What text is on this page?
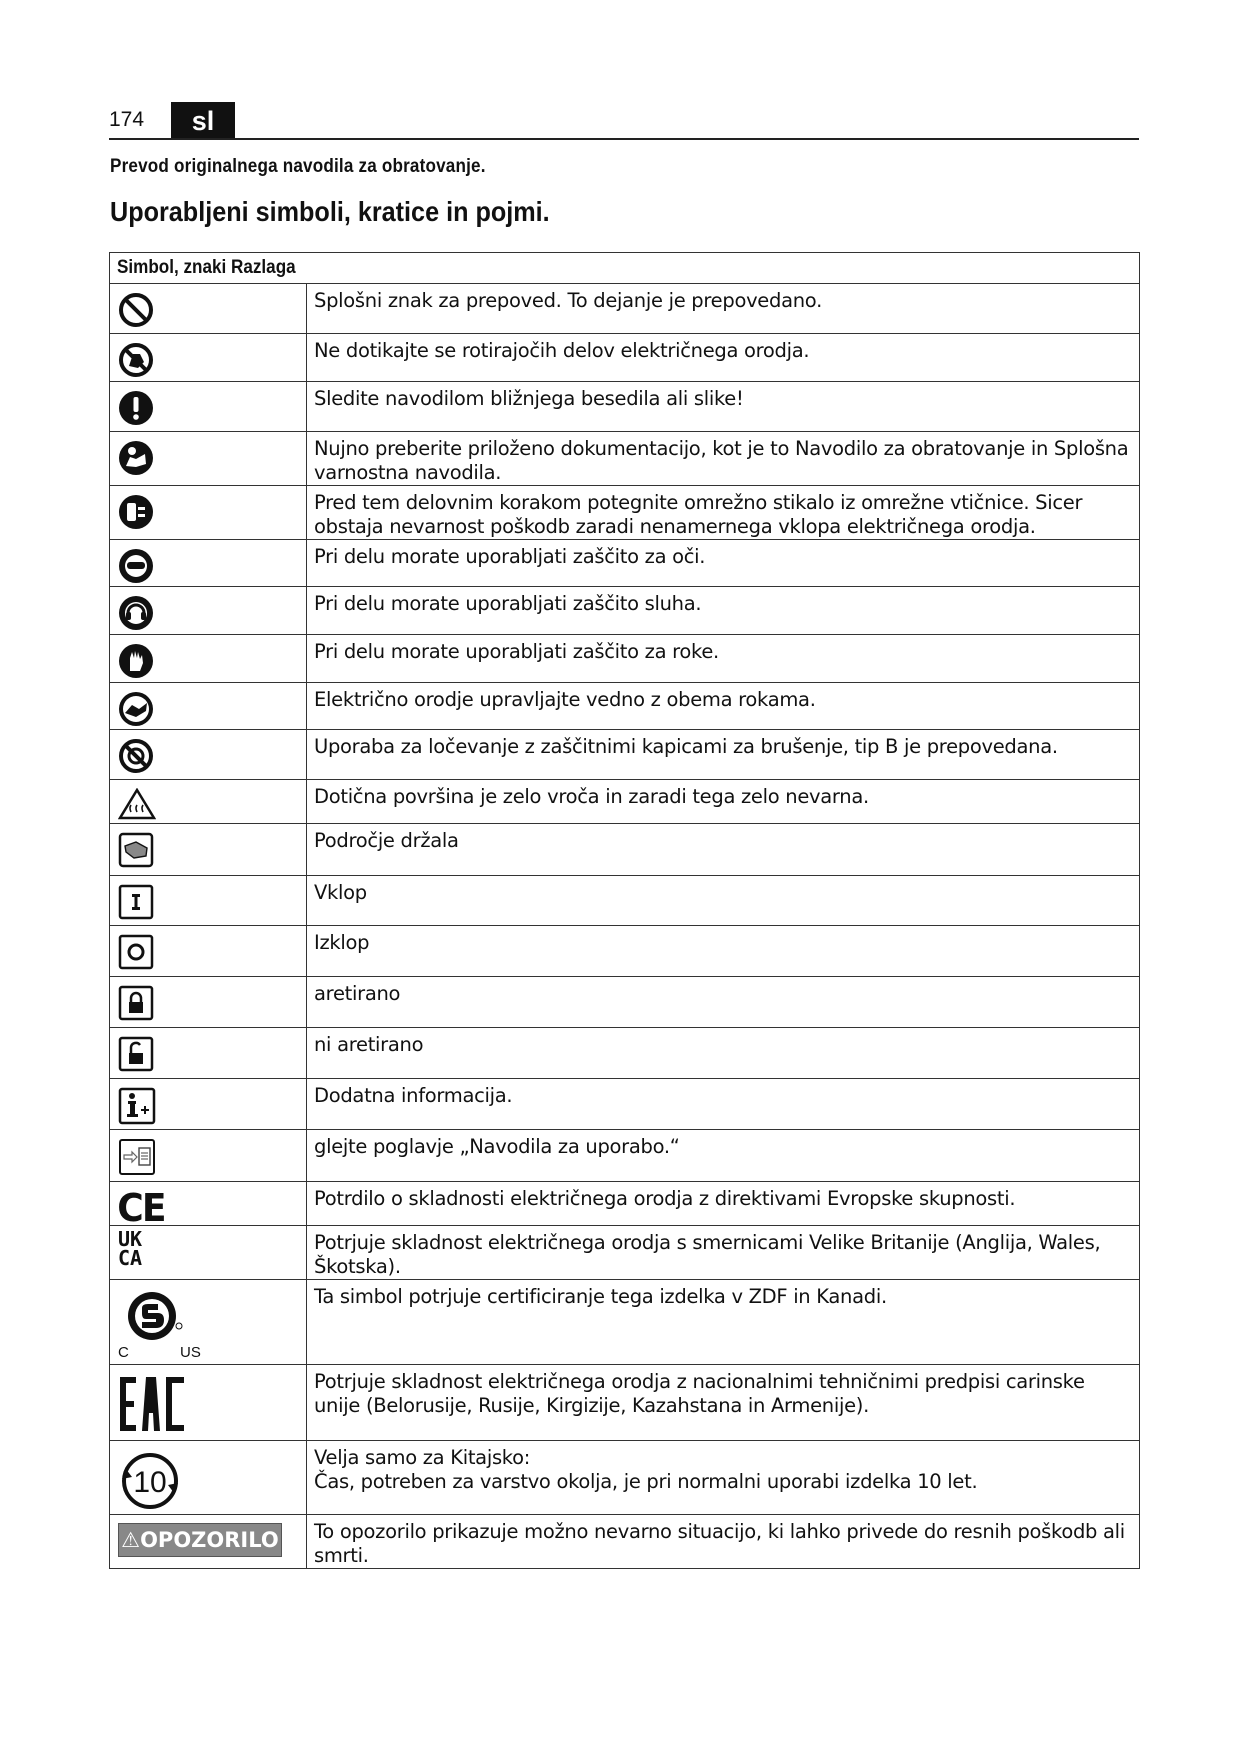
174	sl
Prevod originalnega navodila za obratovanje.
Uporabljeni simboli, kratice in pojmi.
Simbol, znaki Razlaga	

	Splošni znak za prepoved. To dejanje je prepovedano.

	Ne dotikajte se rotirajočih delov električnega orodja.

	Sledite navodilom bližnjega besedila ali slike!

	Nujno preberite priloženo dokumentacijo, kot je to Navodilo za obratovanje in Splošna varnostna navodila.

	Pred tem delovnim korakom potegnite omrežno stikalo iz omrežne vtičnice. Sicer obstaja nevarnost poškodb zaradi nenamernega vklopa električnega orodja.

	Pri delu morate uporabljati zaščito za oči.

	Pri delu morate uporabljati zaščito sluha.

	Pri delu morate uporabljati zaščito za roke.

	Električno orodje upravljajte vedno z obema rokama.

	Uporaba za ločevanje z zaščitnimi kapicami za brušenje, tip B je prepovedana.

	Dotična površina je zelo vroča in zaradi tega zelo nevarna.

	Področje držala

	Vklop

	Izklop

	aretirano

	ni aretirano

	Dodatna informacija.

	glejte poglavje „Navodila za uporabo.“

CE	Potrdilo o skladnosti električnega orodja z direktivami Evropske skupnosti.

UK
CA	Potrjuje skladnost električnega orodja s smernicami Velike Britanije (Anglija, Wales, Škotska).

C US	Ta simbol potrjuje certificiranje tega izdelka v ZDF in Kanadi.

	Potrjuje skladnost električnega orodja z nacionalnimi tehničnimi predpisi carinske unije (Belorusije, Rusije, Kirgizije, Kazahstana in Armenije).

10	Velja samo za Kitajsko:
Čas, potreben za varstvo okolja, je pri normalni uporabi izdelka 10 let.

⚠OPOZORILO	To opozorilo prikazuje možno nevarno situacijo, ki lahko privede do resnih poškodb ali smrti.
